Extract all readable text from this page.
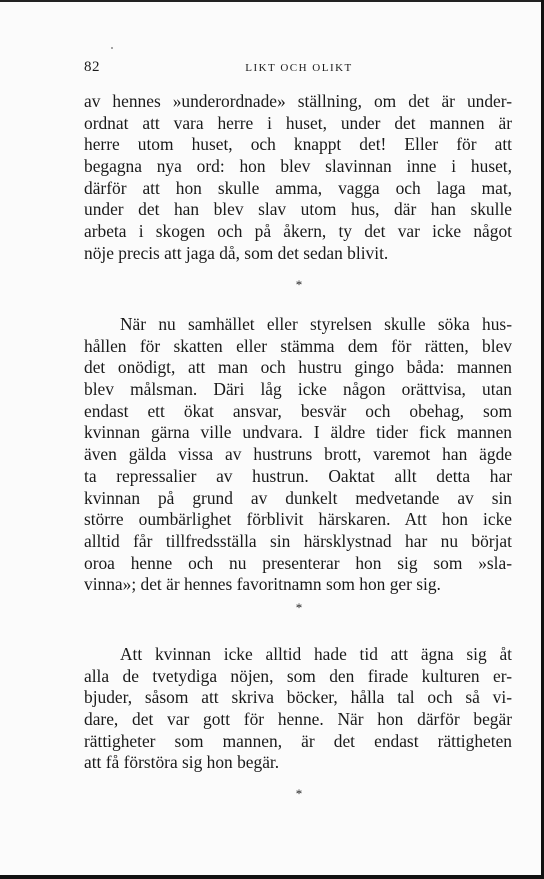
82	LIKT OCH OLIKT
av hennes »underordnade» ställning, om det är under-
ordnat att vara herre i huset, under det mannen är
herre utom huset, och knappt det! Eller för att
begagna nya ord: hon blev slavinnan inne i huset,
därför att hon skulle amma, vagga och laga mat,
under det han blev slav utom hus, där han skulle
arbeta i skogen och på åkern, ty det var icke något
nöje precis att jaga då, som det sedan blivit.
*
När nu samhället eller styrelsen skulle söka hus-
hållen för skatten eller stämma dem för rätten, blev
det onödigt, att man och hustru gingo båda: mannen
blev målsman. Däri låg icke någon orättvisa, utan
endast ett ökat ansvar, besvär och obehag, som
kvinnan gärna ville undvara. I äldre tider fick mannen
även gälda vissa av hustruns brott, varemot han ägde
ta repressalier av hustrun. Oaktat allt detta har
kvinnan på grund av dunkelt medvetande av sin
större oumbärlighet förblivit härskaren. Att hon icke
alltid får tillfredsställa sin härsklystnad har nu börjat
oroa henne och nu presenterar hon sig som »sla-
vinna»; det är hennes favoritnamn som hon ger sig.
*
Att kvinnan icke alltid hade tid att ägna sig åt
alla de tvetydiga nöjen, som den firade kulturen er-
bjuder, såsom att skriva böcker, hålla tal och så vi-
dare, det var gott för henne. När hon därför begär
rättigheter som mannen, är det endast rättigheten
att få förstöra sig hon begär.
*
